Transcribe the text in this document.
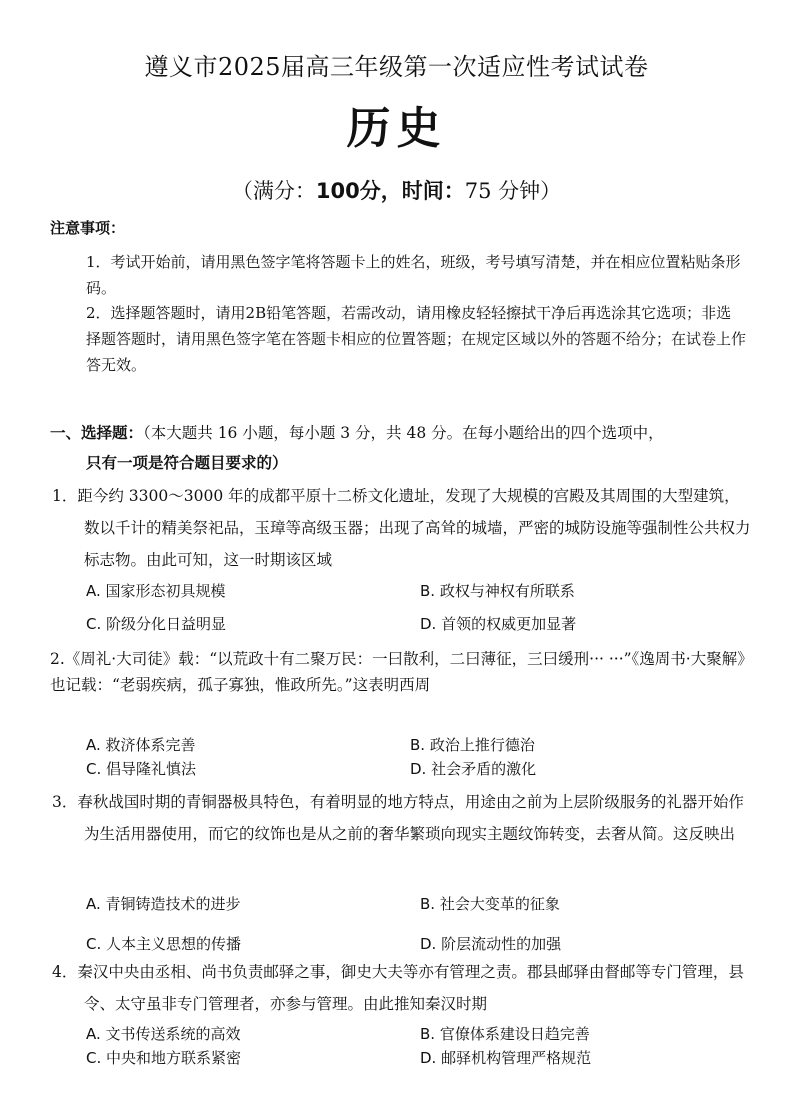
遵义市2025届高三年级第一次适应性考试试卷
历史
（满分：100分，时间：75 分钟）
注意事项：
1．考试开始前，请用黑色签字笔将答题卡上的姓名，班级，考号填写清楚，并在相应位置粘贴条形码。
2．选择题答题时，请用2B铅笔答题，若需改动，请用橡皮轻轻擦拭干净后再选涂其它选项；非选择题答题时，请用黑色签字笔在答题卡相应的位置答题；在规定区域以外的答题不给分；在试卷上作答无效。
一、选择题：（本大题共 16 小题，每小题 3 分，共 48 分。在每小题给出的四个选项中，
只有一项是符合题目要求的）
1．距今约 3300～3000 年的成都平原十二桥文化遗址，发现了大规模的宫殿及其周围的大型建筑，数以千计的精美祭祀品，玉璋等高级玉器；出现了高耸的城墙，严密的城防设施等强制性公共权力标志物。由此可知，这一时期该区域
A. 国家形态初具规模	B. 政权与神权有所联系
C. 阶级分化日益明显	D. 首领的权威更加显著
2.《周礼·大司徒》载：“以荒政十有二聚万民：一曰散利，二曰薄征，三曰缓刑··· ···”《逸周书·大聚解》也记载：“老弱疾病，孤子寡独，惟政所先。”这表明西周
A. 救济体系完善	B. 政治上推行德治
C. 倡导隆礼慎法	D. 社会矛盾的激化
3．春秋战国时期的青铜器极具特色，有着明显的地方特点，用途由之前为上层阶级服务的礼器开始作为生活用器使用，而它的纹饰也是从之前的奢华繁琐向现实主题纹饰转变，去奢从简。这反映出
A. 青铜铸造技术的进步	B. 社会大变革的征象
C. 人本主义思想的传播	D. 阶层流动性的加强
4．秦汉中央由丞相、尚书负责邮驿之事，御史大夫等亦有管理之责。郡县邮驿由督邮等专门管理，县令、太守虽非专门管理者，亦参与管理。由此推知秦汉时期
A. 文书传送系统的高效	B. 官僚体系建设日趋完善
C. 中央和地方联系紧密	D. 邮驿机构管理严格规范
